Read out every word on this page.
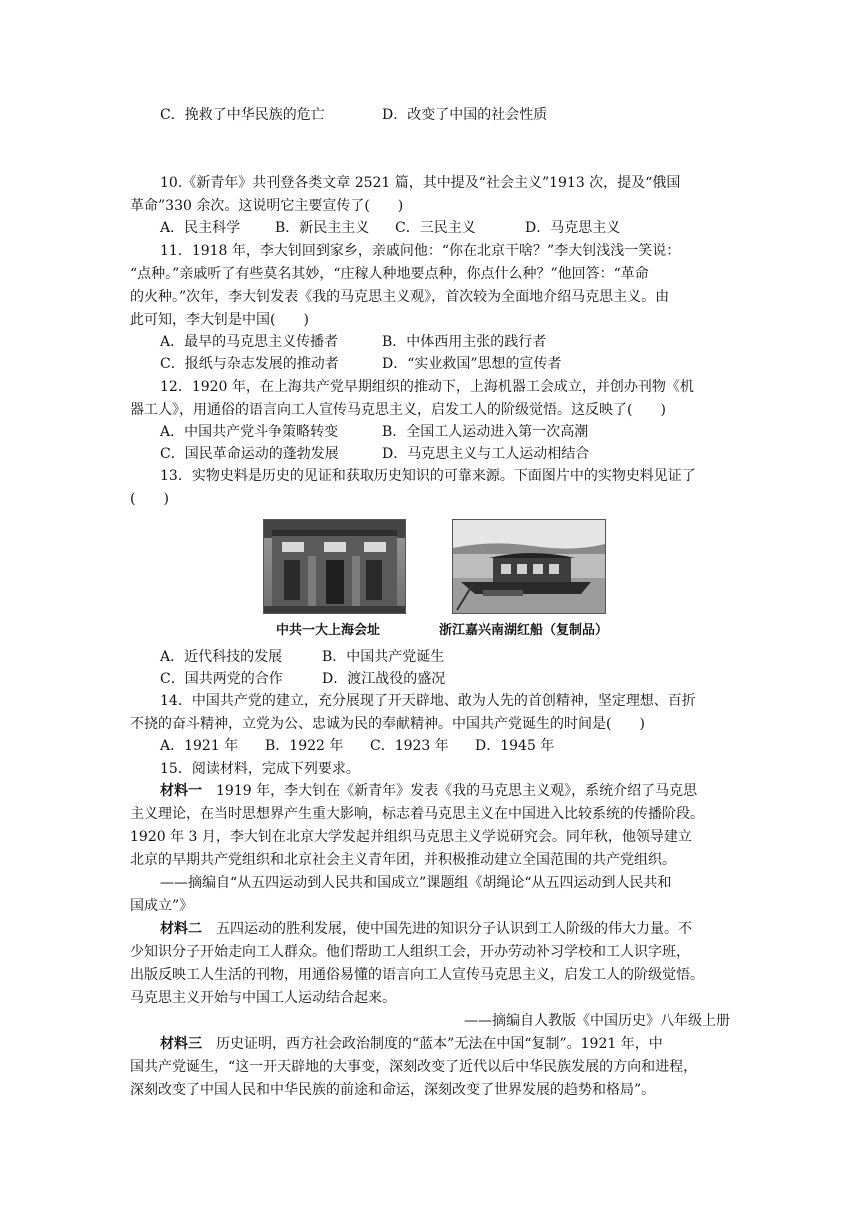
C．挽救了中华民族的危亡	D．改变了中国的社会性质
10.《新青年》共刊登各类文章 2521 篇，其中提及“社会主义”1913 次，提及“俄国
革命”330 余次。这说明它主要宣传了(　　)
A．民主科学 B．新民主主义 C．三民主义	D．马克思主义
11．1918 年，李大钊回到家乡，亲戚问他：“你在北京干啥？”李大钊浅浅一笑说：
“点种。”亲戚听了有些莫名其妙，“庄稼人种地要点种，你点什么种？”他回答：“革命
的火种。”次年，李大钊发表《我的马克思主义观》，首次较为全面地介绍马克思主义。由
此可知，李大钊是中国(　　)
A．最早的马克思主义传播者	B．中体西用主张的践行者
C．报纸与杂志发展的推动者	D．“实业救国”思想的宣传者
12．1920 年，在上海共产党早期组织的推动下，上海机器工会成立，并创办刊物《机
器工人》，用通俗的语言向工人宣传马克思主义，启发工人的阶级觉悟。这反映了(　　)
A．中国共产党斗争策略转变	B．全国工人运动进入第一次高潮
C．国民革命运动的蓬勃发展	D．马克思主义与工人运动相结合
13．实物史料是历史的见证和获取历史知识的可靠来源。下面图片中的实物史料见证了
(　　)
中共一大上海会址	浙江嘉兴南湖红船（复制品）
A．近代科技的发展	B．中国共产党诞生
C．国共两党的合作	D．渡江战役的盛况
14．中国共产党的建立，充分展现了开天辟地、敢为人先的首创精神，坚定理想、百折
不挠的奋斗精神，立党为公、忠诚为民的奉献精神。中国共产党诞生的时间是(　　)
A．1921 年 B．1922 年 C．1923 年 D．1945 年
15．阅读材料，完成下列要求。
材料一　1919 年，李大钊在《新青年》发表《我的马克思主义观》，系统介绍了马克思
主义理论，在当时思想界产生重大影响，标志着马克思主义在中国进入比较系统的传播阶段。
1920 年 3 月，李大钊在北京大学发起并组织马克思主义学说研究会。同年秋，他领导建立
北京的早期共产党组织和北京社会主义青年团，并积极推动建立全国范围的共产党组织。
——摘编自“从五四运动到人民共和国成立”课题组《胡绳论“从五四运动到人民共和
国成立”》
材料二　五四运动的胜利发展，使中国先进的知识分子认识到工人阶级的伟大力量。不
少知识分子开始走向工人群众。他们帮助工人组织工会，开办劳动补习学校和工人识字班，
出版反映工人生活的刊物，用通俗易懂的语言向工人宣传马克思主义，启发工人的阶级觉悟。
马克思主义开始与中国工人运动结合起来。
——摘编自人教版《中国历史》八年级上册
材料三　历史证明，西方社会政治制度的“蓝本”无法在中国“复制”。1921 年，中
国共产党诞生，“这一开天辟地的大事变，深刻改变了近代以后中华民族发展的方向和进程，
深刻改变了中国人民和中华民族的前途和命运，深刻改变了世界发展的趋势和格局”。
